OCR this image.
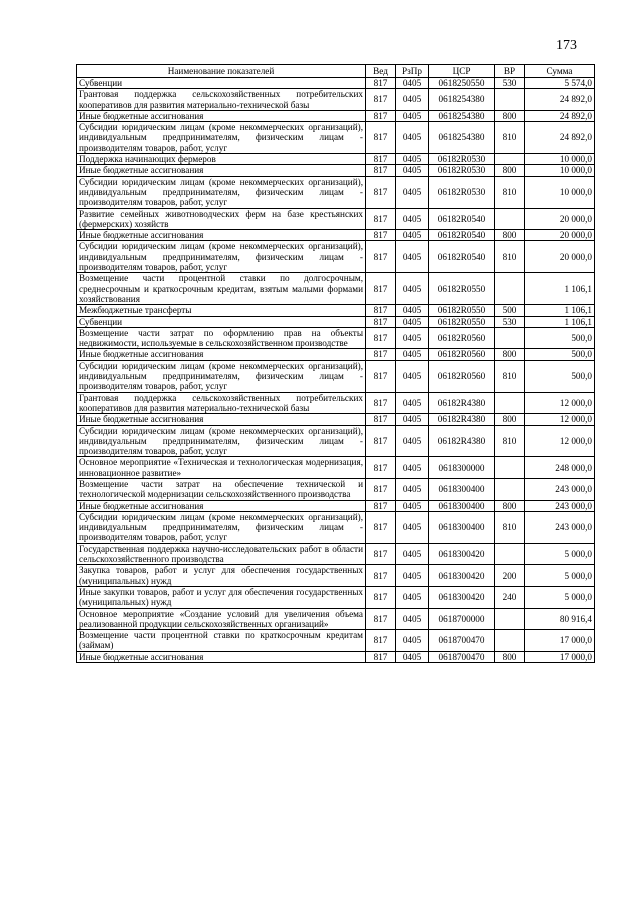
173
Наименование показателей	Вед	РзПр	ЦСР	ВР	Сумма
Субвенции	817	0405	0618250550	530	5 574,0
Грантовая поддержка сельскохозяйственных потребительских кооперативов для развития материально-технической базы	817	0405	0618254380		24 892,0
Иные бюджетные ассигнования	817	0405	0618254380	800	24 892,0
Субсидии юридическим лицам (кроме некоммерческих организаций), индивидуальным предпринимателям, физическим лицам - производителям товаров, работ, услуг	817	0405	0618254380	810	24 892,0
Поддержка начинающих фермеров	817	0405	06182R0530		10 000,0
Иные бюджетные ассигнования	817	0405	06182R0530	800	10 000,0
Субсидии юридическим лицам (кроме некоммерческих организаций), индивидуальным предпринимателям, физическим лицам - производителям товаров, работ, услуг	817	0405	06182R0530	810	10 000,0
Развитие семейных животноводческих ферм на базе крестьянских (фермерских) хозяйств	817	0405	06182R0540		20 000,0
Иные бюджетные ассигнования	817	0405	06182R0540	800	20 000,0
Субсидии юридическим лицам (кроме некоммерческих организаций), индивидуальным предпринимателям, физическим лицам - производителям товаров, работ, услуг	817	0405	06182R0540	810	20 000,0
Возмещение части процентной ставки по долгосрочным, среднесрочным и краткосрочным кредитам, взятым малыми формами хозяйствования	817	0405	06182R0550		1 106,1
Межбюджетные трансферты	817	0405	06182R0550	500	1 106,1
Субвенции	817	0405	06182R0550	530	1 106,1
Возмещение части затрат по оформлению прав на объекты недвижимости, используемые в сельскохозяйственном производстве	817	0405	06182R0560		500,0
Иные бюджетные ассигнования	817	0405	06182R0560	800	500,0
Субсидии юридическим лицам (кроме некоммерческих организаций), индивидуальным предпринимателям, физическим лицам - производителям товаров, работ, услуг	817	0405	06182R0560	810	500,0
Грантовая поддержка сельскохозяйственных потребительских кооперативов для развития материально-технической базы	817	0405	06182R4380		12 000,0
Иные бюджетные ассигнования	817	0405	06182R4380	800	12 000,0
Субсидии юридическим лицам (кроме некоммерческих организаций), индивидуальным предпринимателям, физическим лицам - производителям товаров, работ, услуг	817	0405	06182R4380	810	12 000,0
Основное мероприятие «Техническая и технологическая модернизация, инновационное развитие»	817	0405	0618300000		248 000,0
Возмещение части затрат на обеспечение технической и технологической модернизации сельскохозяйственного производства	817	0405	0618300400		243 000,0
Иные бюджетные ассигнования	817	0405	0618300400	800	243 000,0
Субсидии юридическим лицам (кроме некоммерческих организаций), индивидуальным предпринимателям, физическим лицам - производителям товаров, работ, услуг	817	0405	0618300400	810	243 000,0
Государственная поддержка научно-исследовательских работ в области сельскохозяйственного производства	817	0405	0618300420		5 000,0
Закупка товаров, работ и услуг для обеспечения государственных (муниципальных) нужд	817	0405	0618300420	200	5 000,0
Иные закупки товаров, работ и услуг для обеспечения государственных (муниципальных) нужд	817	0405	0618300420	240	5 000,0
Основное мероприятие «Создание условий для увеличения объема реализованной продукции сельскохозяйственных организаций»	817	0405	0618700000		80 916,4
Возмещение части процентной ставки по краткосрочным кредитам (займам)	817	0405	0618700470		17 000,0
Иные бюджетные ассигнования	817	0405	0618700470	800	17 000,0
